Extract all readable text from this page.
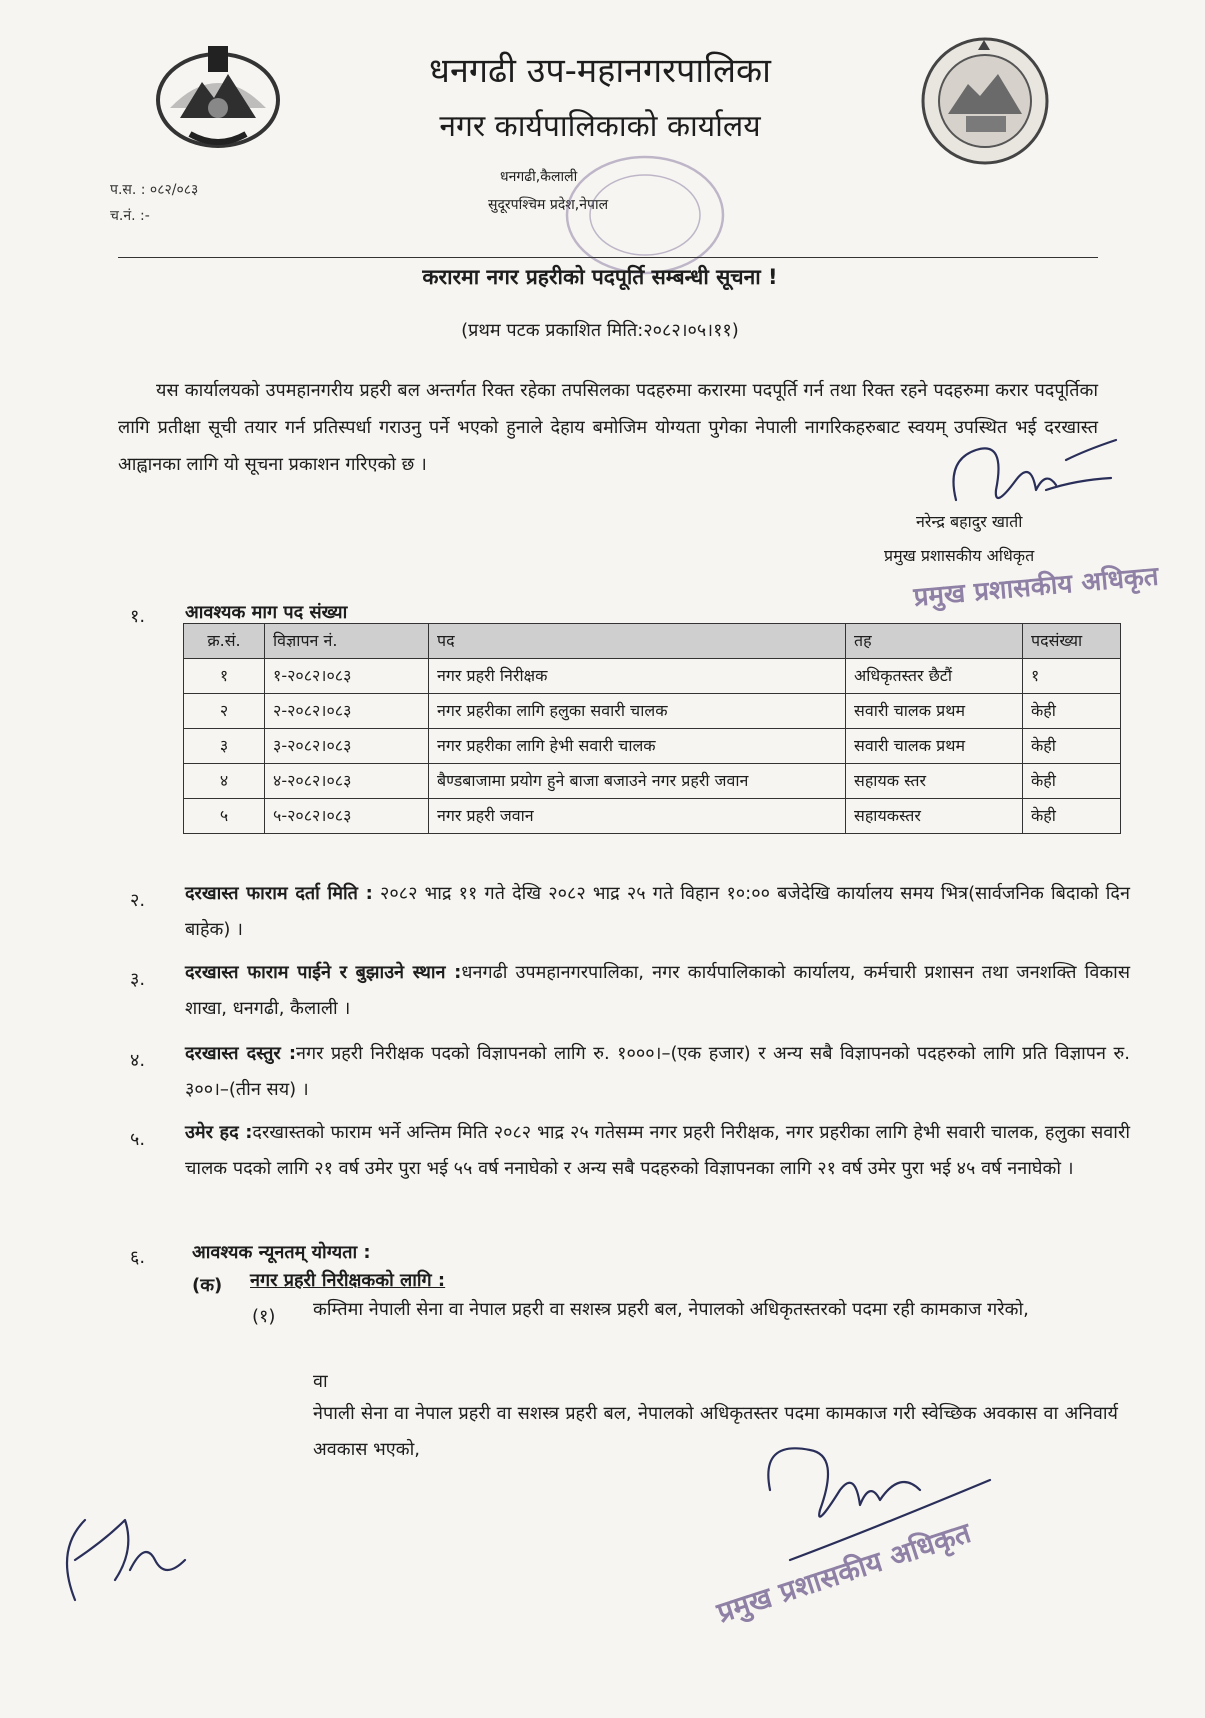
धनगढी उप-महानगरपालिका
नगर कार्यपालिकाको कार्यालय
धनगढी,कैलाली
सुदूरपश्चिम प्रदेश,नेपाल
प.स. : ०८२/०८३
च.नं. :-
करारमा नगर प्रहरीको पदपूर्ति सम्बन्धी सूचना !
(प्रथम पटक प्रकाशित मिति:२०८२।०५।११)
यस कार्यालयको उपमहानगरीय प्रहरी बल अन्तर्गत रिक्त रहेका तपसिलका पदहरुमा करारमा पदपूर्ति गर्न तथा रिक्त रहने पदहरुमा करार पदपूर्तिका लागि प्रतीक्षा सूची तयार गर्न प्रतिस्पर्धा गराउनु पर्ने भएको हुनाले देहाय बमोजिम योग्यता पुगेका नेपाली नागरिकहरुबाट स्वयम् उपस्थित भई दरखास्त आह्वानका लागि यो सूचना प्रकाशन गरिएको छ ।
नरेन्द्र बहादुर खाती
प्रमुख प्रशासकीय अधिकृत
प्रमुख प्रशासकीय अधिकृत
१. आवश्यक माग पद संख्या
क्र.सं.	विज्ञापन नं.	पद	तह	पदसंख्या
१	१-२०८२।०८३	नगर प्रहरी निरीक्षक	अधिकृतस्तर छैटौं	१
२	२-२०८२।०८३	नगर प्रहरीका लागि हलुका सवारी चालक	सवारी चालक प्रथम	केही
३	३-२०८२।०८३	नगर प्रहरीका लागि हेभी सवारी चालक	सवारी चालक प्रथम	केही
४	४-२०८२।०८३	बैण्डबाजामा प्रयोग हुने बाजा बजाउने नगर प्रहरी जवान	सहायक स्तर	केही
५	५-२०८२।०८३	नगर प्रहरी जवान	सहायकस्तर	केही
२. दरखास्त फाराम दर्ता मिति : २०८२ भाद्र ११ गते देखि २०८२ भाद्र २५ गते विहान १०:०० बजेदेखि कार्यालय समय भित्र(सार्वजनिक बिदाको दिन बाहेक) ।
३. दरखास्त फाराम पाईने र बुझाउने स्थान :धनगढी उपमहानगरपालिका, नगर कार्यपालिकाको कार्यालय, कर्मचारी प्रशासन तथा जनशक्ति विकास शाखा, धनगढी, कैलाली ।
४. दरखास्त दस्तुर :नगर प्रहरी निरीक्षक पदको विज्ञापनको लागि रु. १०००।–(एक हजार) र अन्य सबै विज्ञापनको पदहरुको लागि प्रति विज्ञापन रु. ३००।–(तीन सय) ।
५. उमेर हद :दरखास्तको फाराम भर्ने अन्तिम मिति २०८२ भाद्र २५ गतेसम्म नगर प्रहरी निरीक्षक, नगर प्रहरीका लागि हेभी सवारी चालक, हलुका सवारी चालक पदको लागि २१ वर्ष उमेर पुरा भई ५५ वर्ष ननाघेको र अन्य सबै पदहरुको विज्ञापनका लागि २१ वर्ष उमेर पुरा भई ४५ वर्ष ननाघेको ।
६.	आवश्यक न्यूनतम् योग्यता :
(क) नगर प्रहरी निरीक्षकको लागि :
(१) कम्तिमा नेपाली सेना वा नेपाल प्रहरी वा सशस्त्र प्रहरी बल, नेपालको अधिकृतस्तरको पदमा रही कामकाज गरेको,
वा
नेपाली सेना वा नेपाल प्रहरी वा सशस्त्र प्रहरी बल, नेपालको अधिकृतस्तर पदमा कामकाज गरी स्वेच्छिक अवकास वा अनिवार्य अवकास भएको,
प्रमुख प्रशासकीय अधिकृत
